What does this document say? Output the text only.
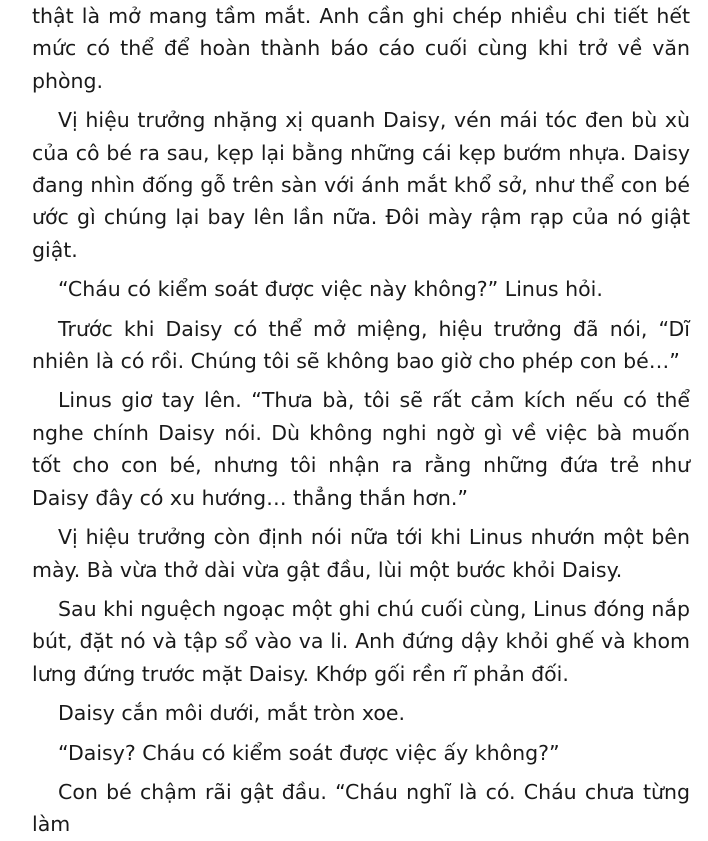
thật là mở mang tầm mắt. Anh cần ghi chép nhiều chi tiết hết mức có thể để hoàn thành báo cáo cuối cùng khi trở về văn phòng.

Vị hiệu trưởng nhặng xị quanh Daisy, vén mái tóc đen bù xù của cô bé ra sau, kẹp lại bằng những cái kẹp bướm nhựa. Daisy đang nhìn đống gỗ trên sàn với ánh mắt khổ sở, như thể con bé ước gì chúng lại bay lên lần nữa. Đôi mày rậm rạp của nó giật giật.

“Cháu có kiểm soát được việc này không?” Linus hỏi.

Trước khi Daisy có thể mở miệng, hiệu trưởng đã nói, “Dĩ nhiên là có rồi. Chúng tôi sẽ không bao giờ cho phép con bé…”

Linus giơ tay lên. “Thưa bà, tôi sẽ rất cảm kích nếu có thể nghe chính Daisy nói. Dù không nghi ngờ gì về việc bà muốn tốt cho con bé, nhưng tôi nhận ra rằng những đứa trẻ như Daisy đây có xu hướng… thẳng thắn hơn.”

Vị hiệu trưởng còn định nói nữa tới khi Linus nhướn một bên mày. Bà vừa thở dài vừa gật đầu, lùi một bước khỏi Daisy.

Sau khi nguệch ngoạc một ghi chú cuối cùng, Linus đóng nắp bút, đặt nó và tập sổ vào va li. Anh đứng dậy khỏi ghế và khom lưng đứng trước mặt Daisy. Khớp gối rền rĩ phản đối.

Daisy cắn môi dưới, mắt tròn xoe.

“Daisy? Cháu có kiểm soát được việc ấy không?”

Con bé chậm rãi gật đầu. “Cháu nghĩ là có. Cháu chưa từng làm
